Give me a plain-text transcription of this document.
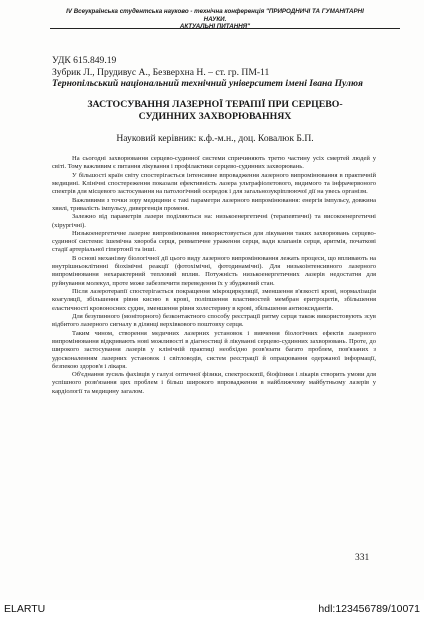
IV Всеукраїнська студентська науково - технічна конференція "ПРИРОДНИЧІ ТА ГУМАНІТАРНІ НАУКИ.
АКТУАЛЬНІ ПИТАННЯ"
УДК 615.849.19
Зубрик Л., Прудивус А., Безверхна Н. – ст. гр. ПМ-11
Тернопільський національний технічний університет імені Івана Пулюя
ЗАСТОСУВАННЯ ЛАЗЕРНОЇ ТЕРАПІЇ ПРИ СЕРЦЕВО-
СУДИННИХ ЗАХВОРЮВАННЯХ
Науковий керівник: к.ф.-м.н., доц. Ковалюк Б.П.

На сьогодні захворювання серцево-судинної системи спричиняють третю частину усіх смертей людей у світі. Тому важливим є питання лікування і профілактики серцево-судинних захворювань.

У більшості країн світу спостерігається інтенсивне впровадження лазерного випромінювання в практичній медицині. Клінічні спостереження показали ефективність лазера ультрафіолетового, видимого та інфрачервоного спектрів для місцевого застосування на патологічний осередок і для загальнозукріплюючої дії на увесь організм.

Важливими з точки зору медицини є такі параметри лазерного випромінювання: енергія імпульсу, довжина хвилі, тривалість імпульсу, дивергенція променя.

Залежно від параметрів лазери поділяються на: низькоенергетичні (терапевтичні) та високоенергетичні (хірургічні).

Низькоенергетичне лазерне випромінювання використовується для лікування таких захворювань серцево-судинної системи: ішемічна хвороба серця, ревматичне ураження серця, вади клапанів серця, аритмія, початкові стадії артеріальної гіпертонії та інші.

В основі механізму біологічної дії цього виду лазерного випромінювання лежать процеси, що впливають на внутрішньоклітинні біохімічні реакції (фотохімічні, фотодинамічні). Для низькоінтенсивного лазерного випромінювання нехарактерний тепловий вплив. Потужність низькоенергетичних лазерів недостатня для руйнування молекул, проте може забезпечити переведення їх у збуджений стан.

Після лазеротерапії спостерігається покращення мікроциркуляції, зменшення в'язкості крові, нормалізація коагуляції, збільшення рівня кисню в крові, поліпшення властивостей мембран еритроцитів, збільшення еластичності кровоносних судин, зменшення рівня холестерину в крові, збільшення антиоксидантів.

Для безупинного (моніторного) безконтактного способу реєстрації ритму серця також використовують зсув відбитого лазерного сигналу в ділянці верхівкового поштовху серця.

Таким чином, створення медичних лазерних установок і вивчення біологічних ефектів лазерного випромінювання відкривають нові можливості в діагностиці й лікуванні серцево-судинних захворювань. Проте, до широкого застосування лазерів у клінічній практиці необхідно розв'язати багато проблем, пов'язаних з удосконаленням лазерних установок і світловодів, систем реєстрації й опрацювання одержаної інформації, безпекою здоров'я і лікаря.

Об'єднання зусиль фахівців у галузі оптичної фізики, спектроскопії, біофізики і лікарів створить умови для успішного розв'язання цих проблем і більш широкого впровадження в найближчому майбутньому лазерів у кардіології та медицину загалом.

331
ELARTU	hdl:123456789/10071
